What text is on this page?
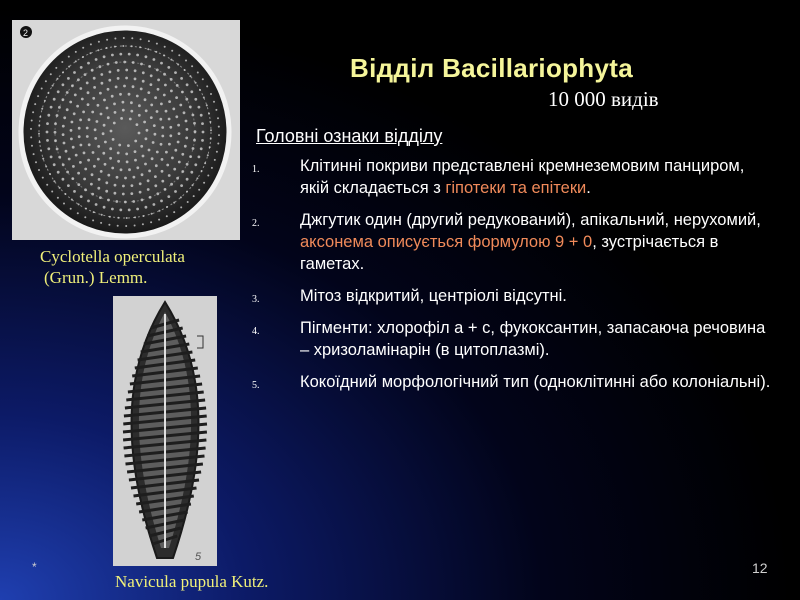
2
Cyclotella operculata
(Grun.) Lemm.
5
Navicula pupula Kutz.
Відділ Bacillariophyta
10 000 видів
Головні ознаки відділу
1. Клітинні покриви представлені кремнеземовим панциром, якій складається з гіпотеки та епітеки.
2. Джгутик один (другий редукований), апікальний, нерухомий, аксонема описується формулою 9 + 0, зустрічається в гаметах.
3. Мітоз відкритий, центріолі відсутні.
4. Пігменти: хлорофіл а + с, фукоксантин, запасаюча речовина – хризоламінарін (в цитоплазмі).
5. Кокоїдний морфологічний тип (одноклітинні або колоніальні).
*	12
